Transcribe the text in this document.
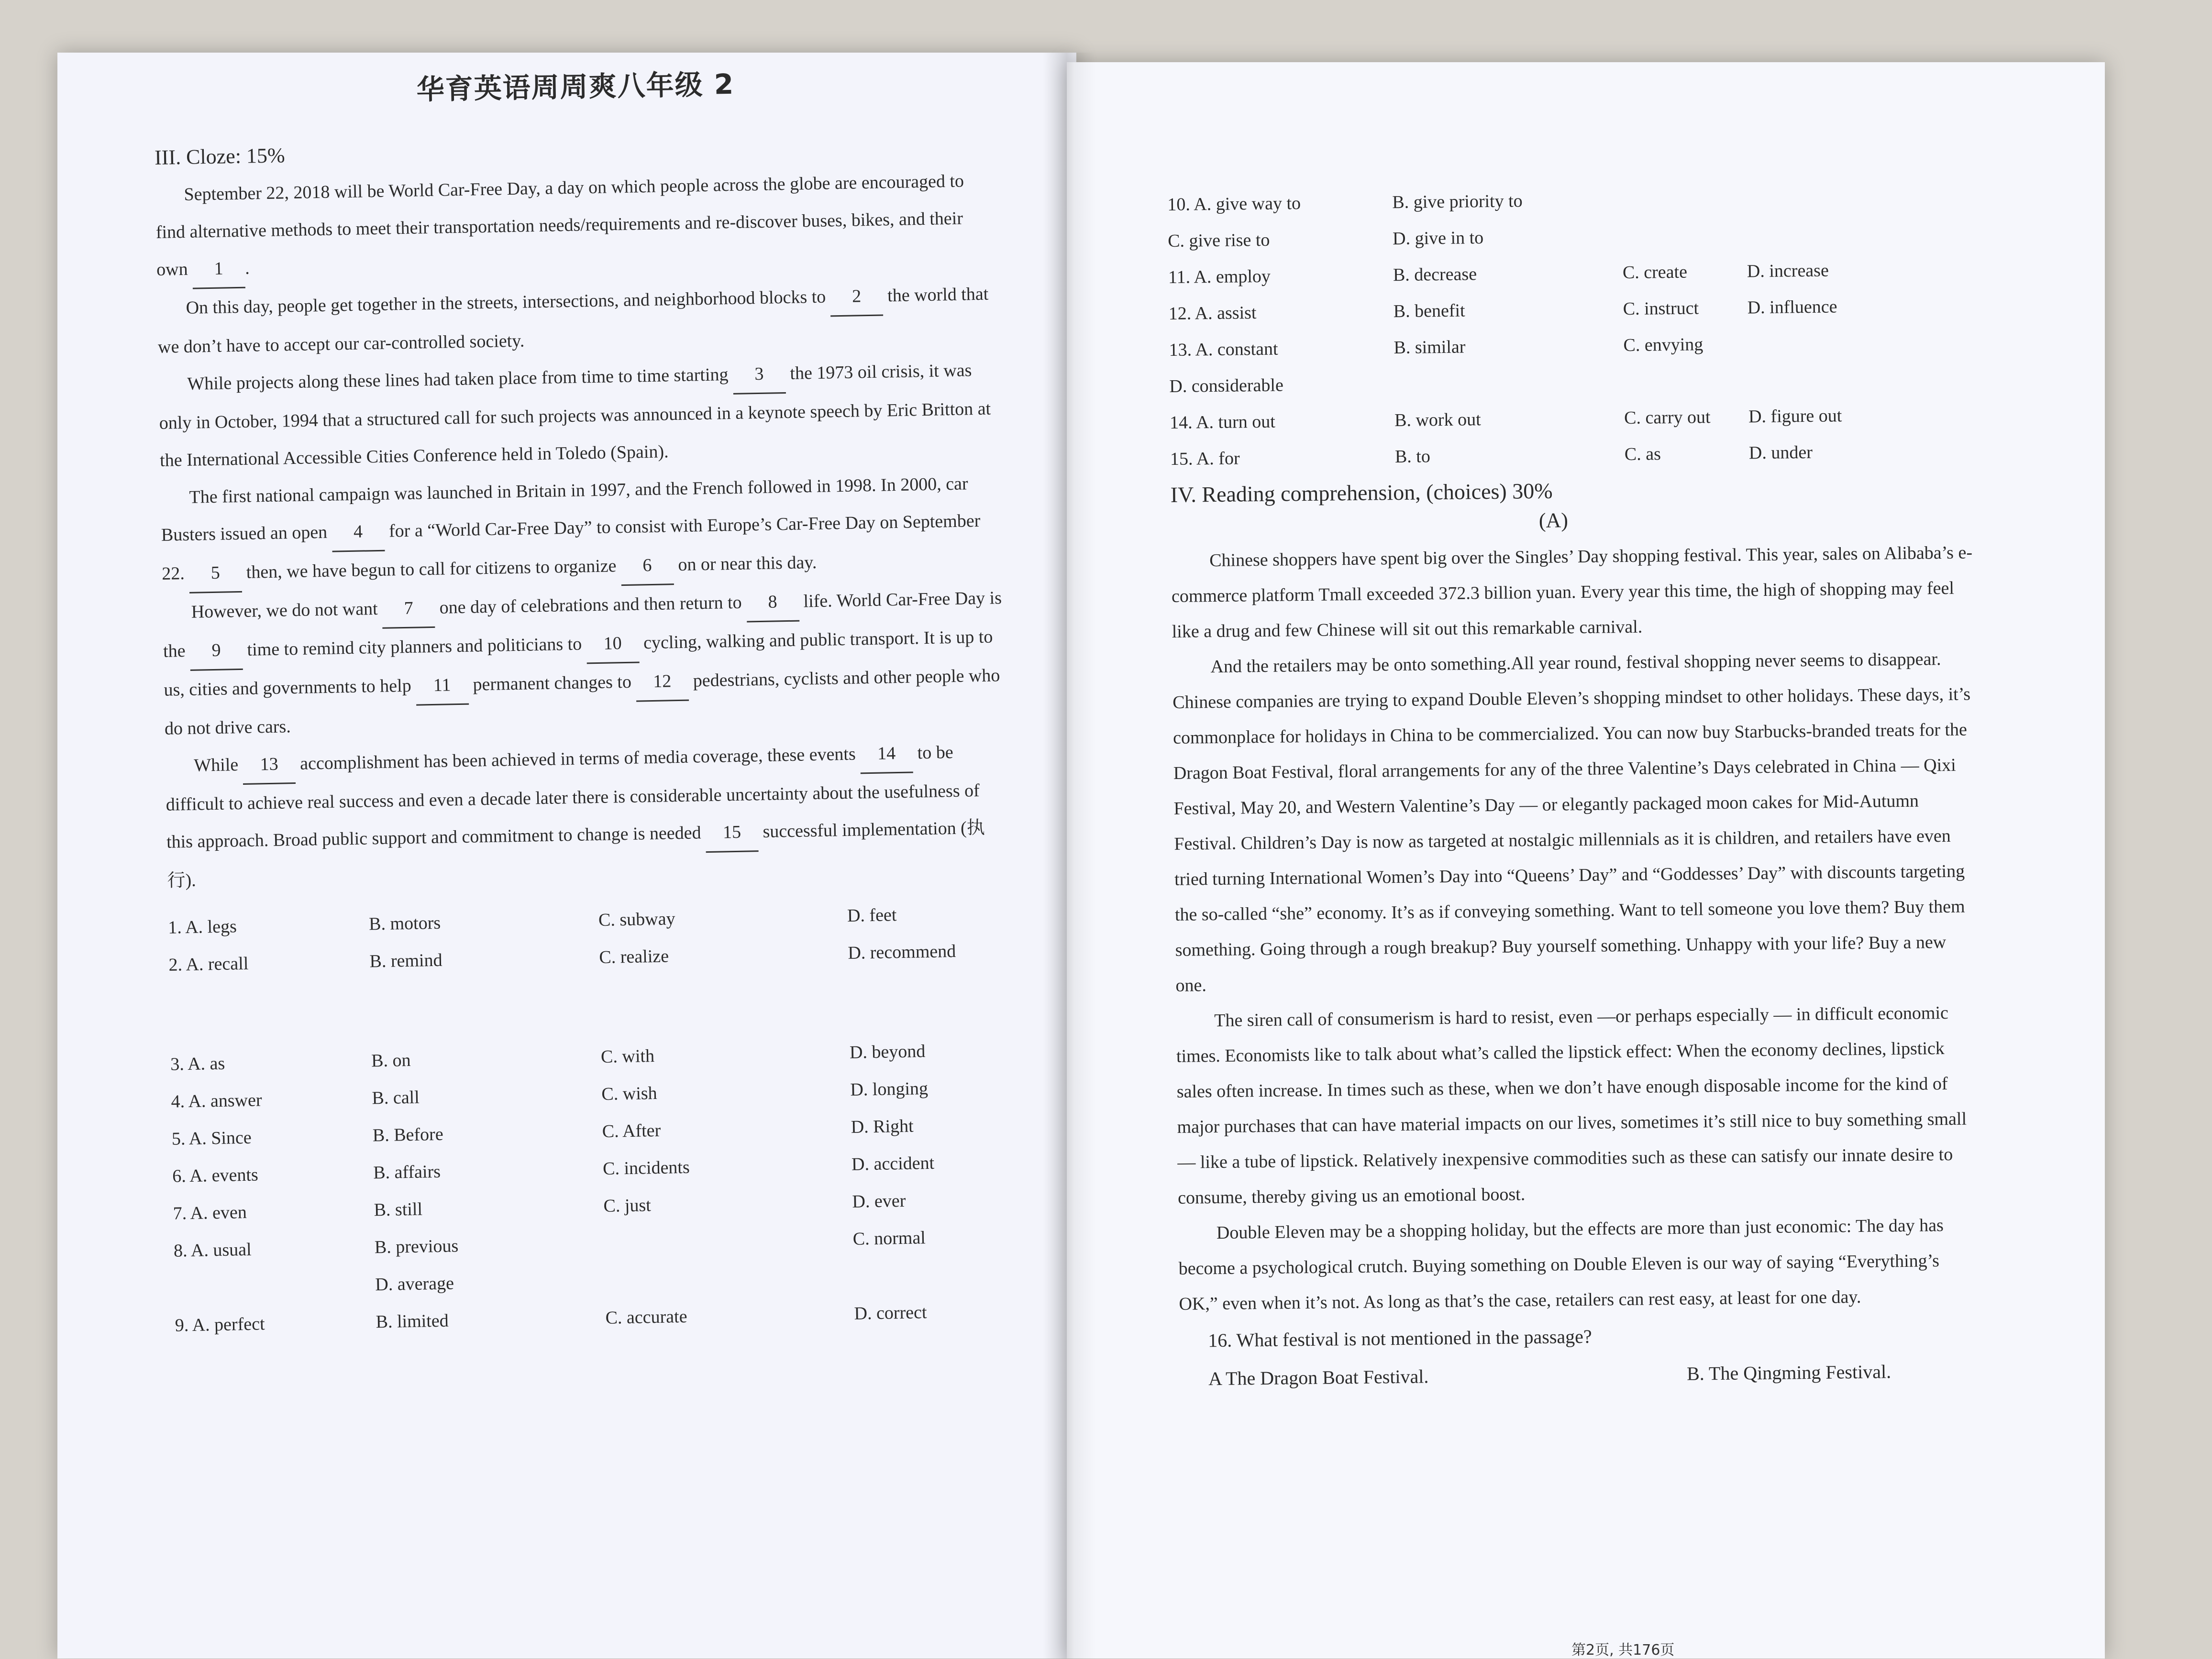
华育英语周周爽八年级 2
III. Cloze: 15%

September 22, 2018 will be World Car-Free Day, a day on which people across the globe are encouraged to find alternative methods to meet their transportation needs/requirements and re-discover buses, bikes, and their own 1 .

On this day, people get together in the streets, intersections, and neighborhood blocks to 2 the world that we don’t have to accept our car-controlled society.

While projects along these lines had taken place from time to time starting 3 the 1973 oil crisis, it was only in October, 1994 that a structured call for such projects was announced in a keynote speech by Eric Britton at the International Accessible Cities Conference held in Toledo (Spain).

The first national campaign was launched in Britain in 1997, and the French followed in 1998. In 2000, car Busters issued an open 4 for a “World Car-Free Day” to consist with Europe’s Car-Free Day on September 22. 5 then, we have begun to call for citizens to organize 6 on or near this day.

However, we do not want 7 one day of celebrations and then return to 8 life. World Car-Free Day is the 9 time to remind city planners and politicians to 10 cycling, walking and public transport. It is up to us, cities and governments to help 11 permanent changes to 12 pedestrians, cyclists and other people who do not drive cars.

While 13 accomplishment has been achieved in terms of media coverage, these events 14 to be difficult to achieve real success and even a decade later there is considerable uncertainty about the usefulness of this approach. Broad public support and commitment to change is needed 15 successful implementation (执行).

1. A. legs	B. motors	C. subway	D. feet
2. A. recall	B. remind	C. realize	D. recommend
3. A. as	B. on	C. with	D. beyond
4. A. answer	B. call	C. wish	D. longing
5. A. Since	B. Before	C. After	D. Right
6. A. events	B. affairs	C. incidents	D. accident
7. A. even	B. still	C. just	D. ever
8. A. usual	B. previous	C. normal
D. average
9. A. perfect	B. limited	C. accurate	D. correct
10. A. give way to	B. give priority to
C. give rise to	D. give in to
11. A. employ	B. decrease	C. create	D. increase
12. A. assist	B. benefit	C. instruct	D. influence
13. A. constant	B. similar	C. envying
D. considerable
14. A. turn out	B. work out	C. carry out	D. figure out
15. A. for	B. to	C. as	D. under
IV. Reading comprehension, (choices) 30%
(A)

Chinese shoppers have spent big over the Singles’ Day shopping festival. This year, sales on Alibaba’s e-commerce platform Tmall exceeded 372.3 billion yuan. Every year this time, the high of shopping may feel like a drug and few Chinese will sit out this remarkable carnival.

And the retailers may be onto something.All year round, festival shopping never seems to disappear. Chinese companies are trying to expand Double Eleven’s shopping mindset to other holidays. These days, it’s commonplace for holidays in China to be commercialized. You can now buy Starbucks-branded treats for the Dragon Boat Festival, floral arrangements for any of the three Valentine’s Days celebrated in China — Qixi Festival, May 20, and Western Valentine’s Day — or elegantly packaged moon cakes for Mid-Autumn Festival. Children’s Day is now as targeted at nostalgic millennials as it is children, and retailers have even tried turning International Women’s Day into “Queens’ Day” and “Goddesses’ Day” with discounts targeting the so-called “she” economy. It’s as if conveying something. Want to tell someone you love them? Buy them something. Going through a rough breakup? Buy yourself something. Unhappy with your life? Buy a new one.

The siren call of consumerism is hard to resist, even —or perhaps especially — in difficult economic times. Economists like to talk about what’s called the lipstick effect: When the economy declines, lipstick sales often increase. In times such as these, when we don’t have enough disposable income for the kind of major purchases that can have material impacts on our lives, sometimes it’s still nice to buy something small — like a tube of lipstick. Relatively inexpensive commodities such as these can satisfy our innate desire to consume, thereby giving us an emotional boost.

Double Eleven may be a shopping holiday, but the effects are more than just economic: The day has become a psychological crutch. Buying something on Double Eleven is our way of saying “Everything’s OK,” even when it’s not. As long as that’s the case, retailers can rest easy, at least for one day.

16. What festival is not mentioned in the passage?
A The Dragon Boat Festival.	B. The Qingming Festival.
第2页, 共176页
